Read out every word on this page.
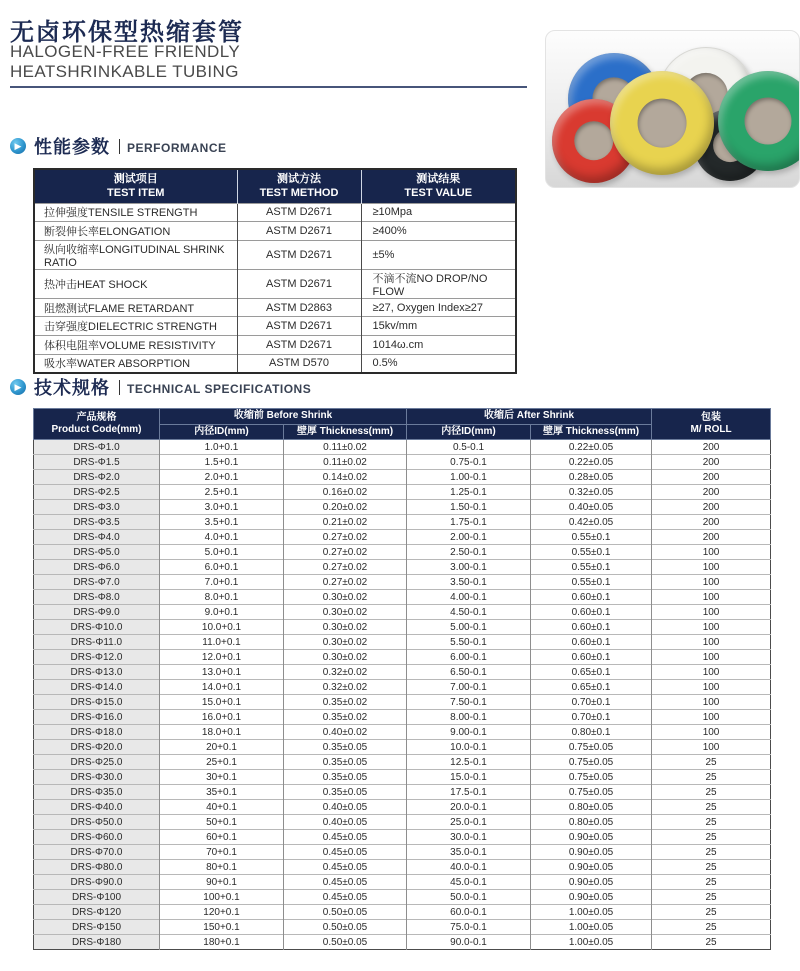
无卤环保型热缩套管
HALOGEN-FREE FRIENDLY
HEATSHRINKABLE TUBING
▶ 性能参数 PERFORMANCE
测试项目
TEST ITEM	测试方法
TEST METHOD	测试结果
TEST VALUE

拉伸强度TENSILE STRENGTH	ASTM D2671	≥10Mpa
断裂伸长率ELONGATION	ASTM D2671	≥400%
纵向收缩率LONGITUDINAL SHRINK RATIO	ASTM D2671	±5%
热冲击HEAT SHOCK	ASTM D2671	不滴不流NO DROP/NO FLOW
阻燃测试FLAME RETARDANT	ASTM D2863	≥27, Oxygen Index≥27
击穿强度DIELECTRIC STRENGTH	ASTM D2671	15kv/mm
体积电阻率VOLUME RESISTIVITY	ASTM D2671	1014ω.cm
吸水率WATER ABSORPTION	ASTM D570	0.5%
▶ 技术规格 TECHNICAL SPECIFICATIONS
产品规格
Product Code(mm)	收缩前 Before Shrink		收缩后 After Shrink		包装
M/ ROLL

	内径ID(mm)	壁厚 Thickness(mm)	内径ID(mm)	壁厚 Thickness(mm)	
DRS-Φ1.0	1.0+0.1	0.11±0.02	0.5-0.1	0.22±0.05	200
DRS-Φ1.5	1.5+0.1	0.11±0.02	0.75-0.1	0.22±0.05	200
DRS-Φ2.0	2.0+0.1	0.14±0.02	1.00-0.1	0.28±0.05	200
DRS-Φ2.5	2.5+0.1	0.16±0.02	1.25-0.1	0.32±0.05	200
DRS-Φ3.0	3.0+0.1	0.20±0.02	1.50-0.1	0.40±0.05	200
DRS-Φ3.5	3.5+0.1	0.21±0.02	1.75-0.1	0.42±0.05	200
DRS-Φ4.0	4.0+0.1	0.27±0.02	2.00-0.1	0.55±0.1	200
DRS-Φ5.0	5.0+0.1	0.27±0.02	2.50-0.1	0.55±0.1	100
DRS-Φ6.0	6.0+0.1	0.27±0.02	3.00-0.1	0.55±0.1	100
DRS-Φ7.0	7.0+0.1	0.27±0.02	3.50-0.1	0.55±0.1	100
DRS-Φ8.0	8.0+0.1	0.30±0.02	4.00-0.1	0.60±0.1	100
DRS-Φ9.0	9.0+0.1	0.30±0.02	4.50-0.1	0.60±0.1	100
DRS-Φ10.0	10.0+0.1	0.30±0.02	5.00-0.1	0.60±0.1	100
DRS-Φ11.0	11.0+0.1	0.30±0.02	5.50-0.1	0.60±0.1	100
DRS-Φ12.0	12.0+0.1	0.30±0.02	6.00-0.1	0.60±0.1	100
DRS-Φ13.0	13.0+0.1	0.32±0.02	6.50-0.1	0.65±0.1	100
DRS-Φ14.0	14.0+0.1	0.32±0.02	7.00-0.1	0.65±0.1	100
DRS-Φ15.0	15.0+0.1	0.35±0.02	7.50-0.1	0.70±0.1	100
DRS-Φ16.0	16.0+0.1	0.35±0.02	8.00-0.1	0.70±0.1	100
DRS-Φ18.0	18.0+0.1	0.40±0.02	9.00-0.1	0.80±0.1	100
DRS-Φ20.0	20+0.1	0.35±0.05	10.0-0.1	0.75±0.05	100
DRS-Φ25.0	25+0.1	0.35±0.05	12.5-0.1	0.75±0.05	25
DRS-Φ30.0	30+0.1	0.35±0.05	15.0-0.1	0.75±0.05	25
DRS-Φ35.0	35+0.1	0.35±0.05	17.5-0.1	0.75±0.05	25
DRS-Φ40.0	40+0.1	0.40±0.05	20.0-0.1	0.80±0.05	25
DRS-Φ50.0	50+0.1	0.40±0.05	25.0-0.1	0.80±0.05	25
DRS-Φ60.0	60+0.1	0.45±0.05	30.0-0.1	0.90±0.05	25
DRS-Φ70.0	70+0.1	0.45±0.05	35.0-0.1	0.90±0.05	25
DRS-Φ80.0	80+0.1	0.45±0.05	40.0-0.1	0.90±0.05	25
DRS-Φ90.0	90+0.1	0.45±0.05	45.0-0.1	0.90±0.05	25
DRS-Φ100	100+0.1	0.45±0.05	50.0-0.1	0.90±0.05	25
DRS-Φ120	120+0.1	0.50±0.05	60.0-0.1	1.00±0.05	25
DRS-Φ150	150+0.1	0.50±0.05	75.0-0.1	1.00±0.05	25
DRS-Φ180	180+0.1	0.50±0.05	90.0-0.1	1.00±0.05	25
